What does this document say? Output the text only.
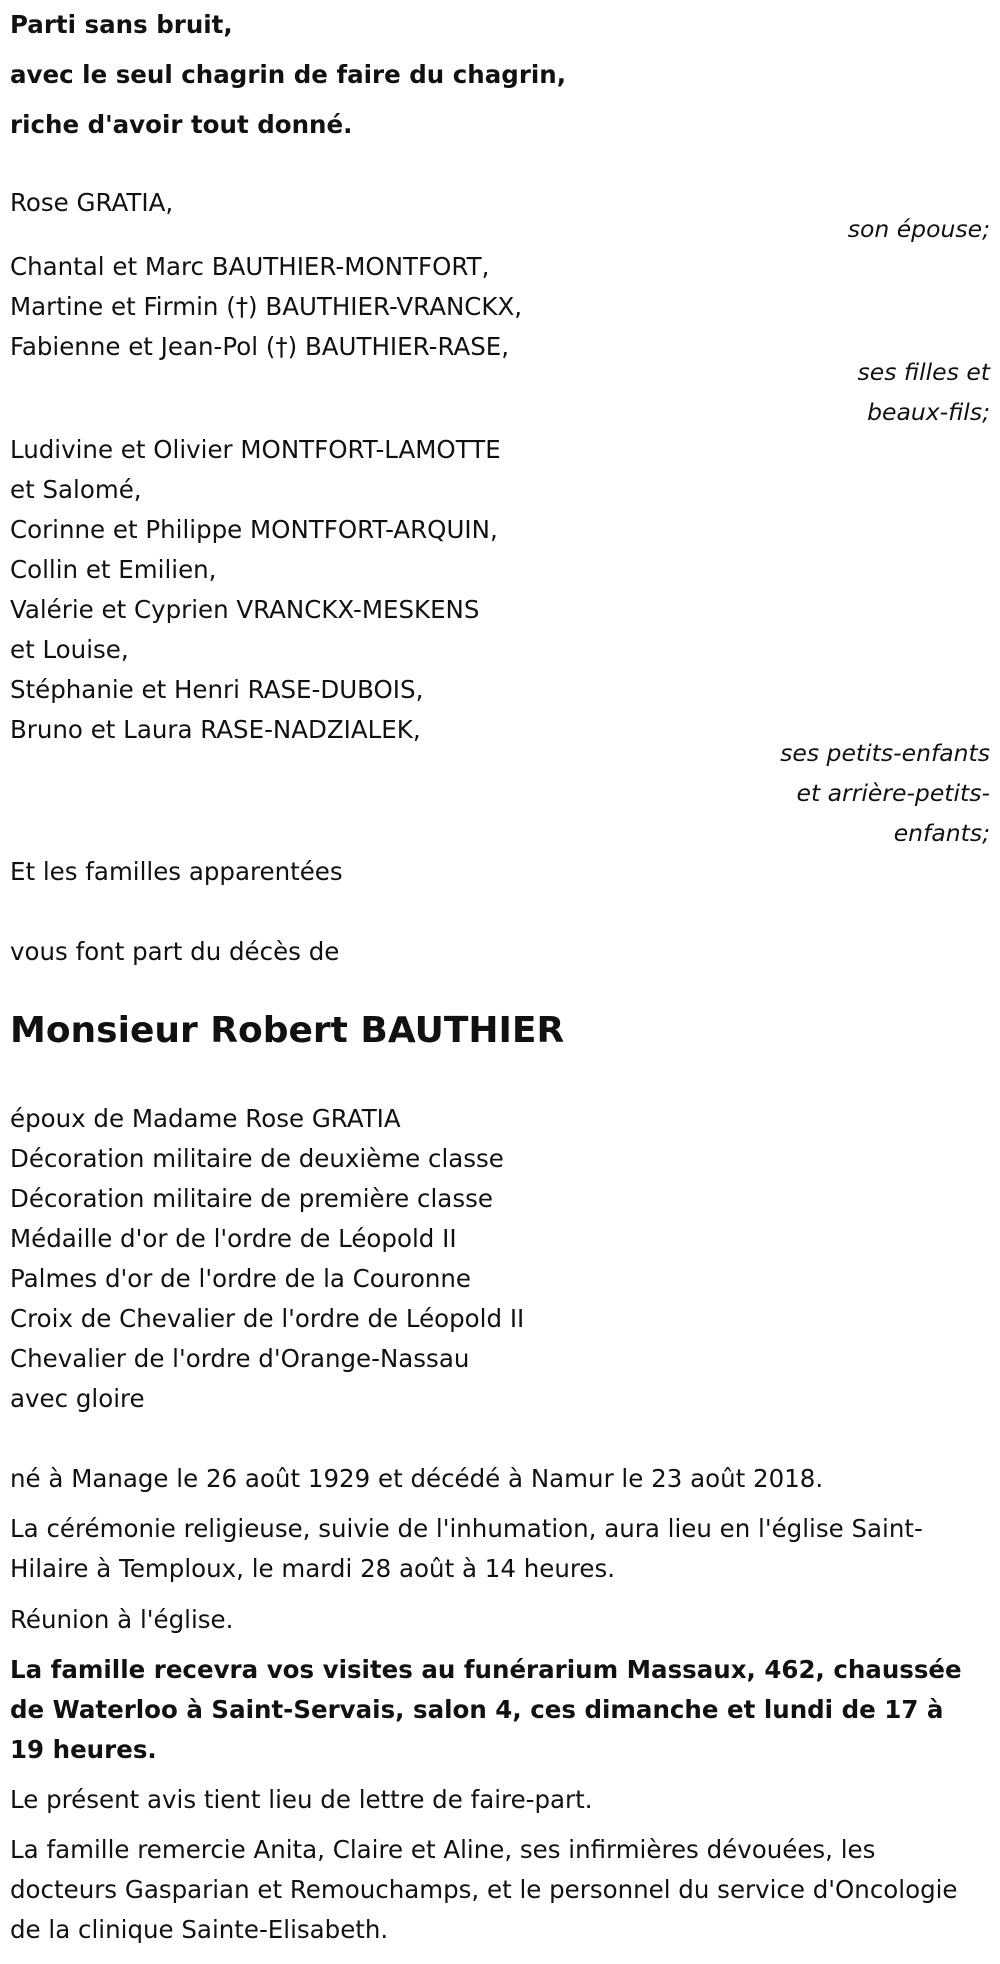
Parti sans bruit,
avec le seul chagrin de faire du chagrin,
riche d'avoir tout donné.
Rose GRATIA,
son épouse;
Chantal et Marc BAUTHIER-MONTFORT,
Martine et Firmin (†) BAUTHIER-VRANCKX,
Fabienne et Jean-Pol (†) BAUTHIER-RASE,
ses filles et
beaux-fils;
Ludivine et Olivier MONTFORT-LAMOTTE
et Salomé,
Corinne et Philippe MONTFORT-ARQUIN,
Collin et Emilien,
Valérie et Cyprien VRANCKX-MESKENS
et Louise,
Stéphanie et Henri RASE-DUBOIS,
Bruno et Laura RASE-NADZIALEK,
ses petits-enfants
et arrière-petits-
enfants;
Et les familles apparentées
vous font part du décès de
Monsieur Robert BAUTHIER
époux de Madame Rose GRATIA
Décoration militaire de deuxième classe
Décoration militaire de première classe
Médaille d'or de l'ordre de Léopold II
Palmes d'or de l'ordre de la Couronne
Croix de Chevalier de l'ordre de Léopold II
Chevalier de l'ordre d'Orange-Nassau
avec gloire
né à Manage le 26 août 1929 et décédé à Namur le 23 août 2018.
La cérémonie religieuse, suivie de l'inhumation, aura lieu en l'église Saint-Hilaire à Temploux, le mardi 28 août à 14 heures.
Réunion à l'église.
La famille recevra vos visites au funérarium Massaux, 462, chaussée de Waterloo à Saint-Servais, salon 4, ces dimanche et lundi de 17 à 19 heures.
Le présent avis tient lieu de lettre de faire-part.
La famille remercie Anita, Claire et Aline, ses infirmières dévouées, les docteurs Gasparian et Remouchamps, et le personnel du service d'Oncologie de la clinique Sainte-Elisabeth.
